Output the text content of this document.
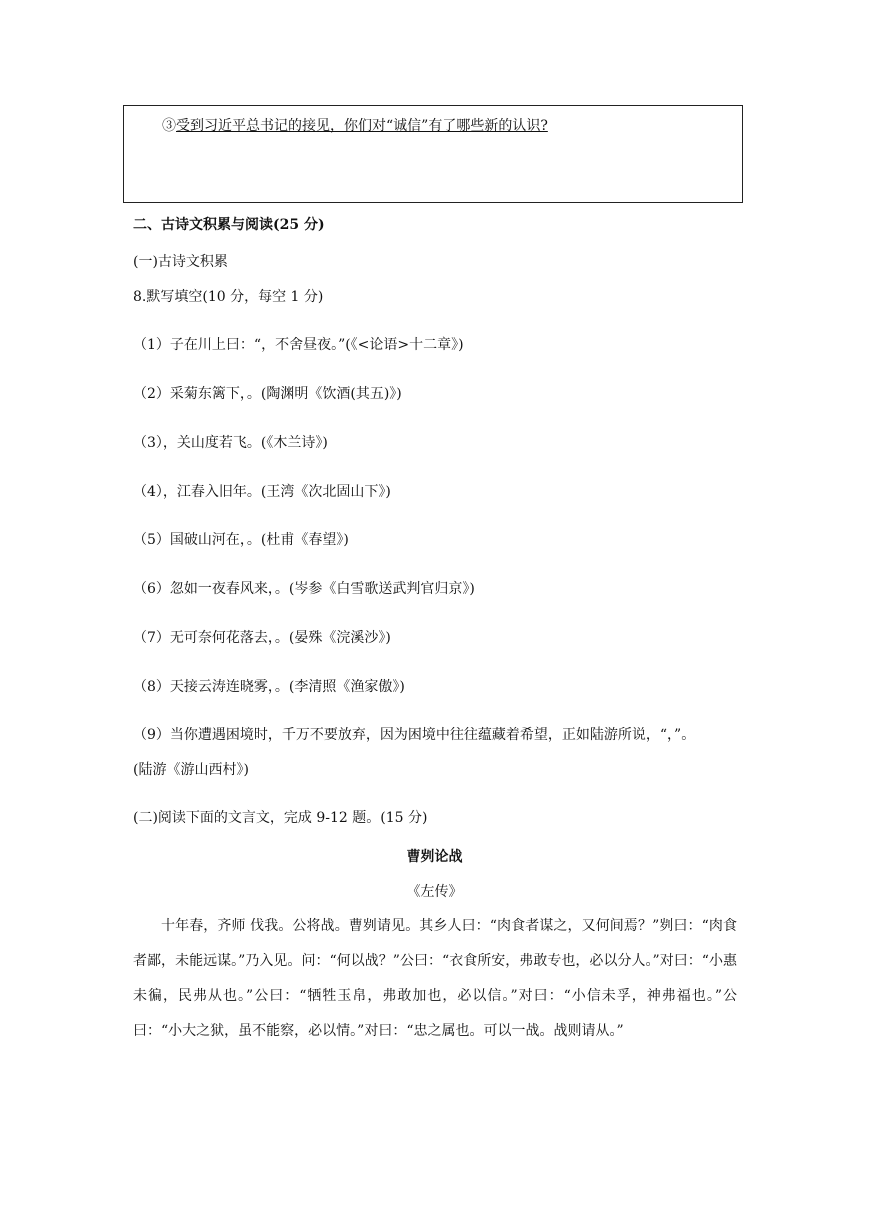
③受到习近平总书记的接见，你们对“诚信”有了哪些新的认识?
二、古诗文积累与阅读(25 分)
(一)古诗文积累
8.默写填空(10 分，每空 1 分)
（1）子在川上曰：“，不舍昼夜。”(《<论语>十二章》)
（2）采菊东篱下，。(陶渊明《饮酒(其五)》)
（3），关山度若飞。(《木兰诗》)
（4），江春入旧年。(王湾《次北固山下》)
（5）国破山河在，。(杜甫《春望》)
（6）忽如一夜春风来，。(岑参《白雪歌送武判官归京》)
（7）无可奈何花落去，。(晏殊《浣溪沙》)
（8）天接云涛连晓雾，。(李清照《渔家傲》)
（9）当你遭遇困境时，千万不要放弃，因为困境中往往蕴藏着希望，正如陆游所说，“，”。
(陆游《游山西村》)
(二)阅读下面的文言文，完成 9-12 题。(15 分)
曹刿论战
《左传》

十年春，齐师 伐我。公将战。曹刿请见。其乡人曰：“肉食者谋之，又何间焉？”刿曰：“肉食者鄙，未能远谋。”乃入见。问：“何以战？”公曰：“衣食所安，弗敢专也，必以分人。”对曰：“小惠未徧，民弗从也。”公曰：“牺牲玉帛，弗敢加也，必以信。”对曰：“小信未孚，神弗福也。”公曰：“小大之狱，虽不能察，必以情。”对曰：“忠之属也。可以一战。战则请从。”
